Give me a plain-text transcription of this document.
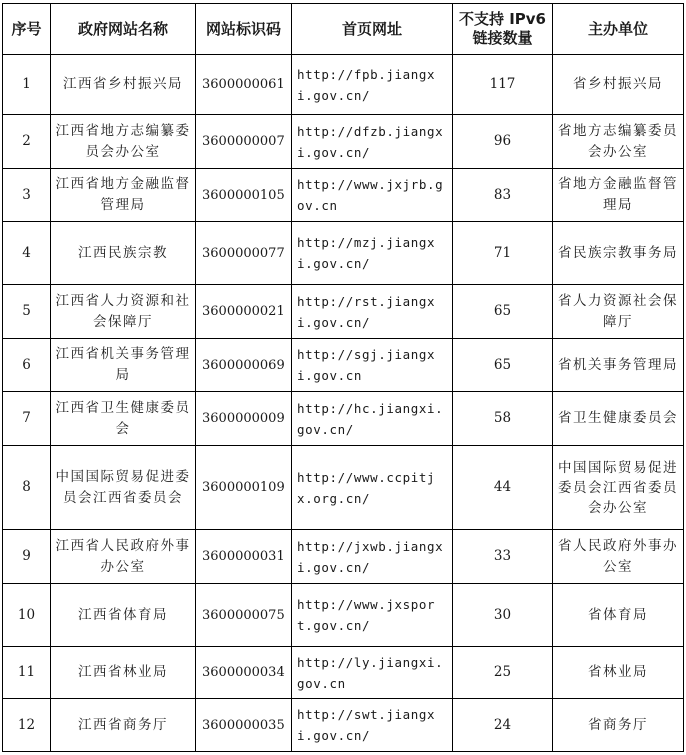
序号	政府网站名称	网站标识码	首页网址	不支持 IPv6 链接数量	主办单位
1	江西省乡村振兴局	3600000061	http://fpb.jiangxi.gov.cn/	117	省乡村振兴局
2	江西省地方志编纂委员会办公室	3600000007	http://dfzb.jiangxi.gov.cn/	96	省地方志编纂委员会办公室
3	江西省地方金融监督管理局	3600000105	http://www.jxjrb.gov.cn	83	省地方金融监督管理局
4	江西民族宗教	3600000077	http://mzj.jiangxi.gov.cn/	71	省民族宗教事务局
5	江西省人力资源和社会保障厅	3600000021	http://rst.jiangxi.gov.cn/	65	省人力资源社会保障厅
6	江西省机关事务管理局	3600000069	http://sgj.jiangxi.gov.cn	65	省机关事务管理局
7	江西省卫生健康委员会	3600000009	http://hc.jiangxi.gov.cn/	58	省卫生健康委员会
8	中国国际贸易促进委员会江西省委员会	3600000109	http://www.ccpitjx.org.cn/	44	中国国际贸易促进委员会江西省委员会办公室
9	江西省人民政府外事办公室	3600000031	http://jxwb.jiangxi.gov.cn/	33	省人民政府外事办公室
10	江西省体育局	3600000075	http://www.jxsport.gov.cn/	30	省体育局
11	江西省林业局	3600000034	http://ly.jiangxi.gov.cn	25	省林业局
12	江西省商务厅	3600000035	http://swt.jiangxi.gov.cn/	24	省商务厅
